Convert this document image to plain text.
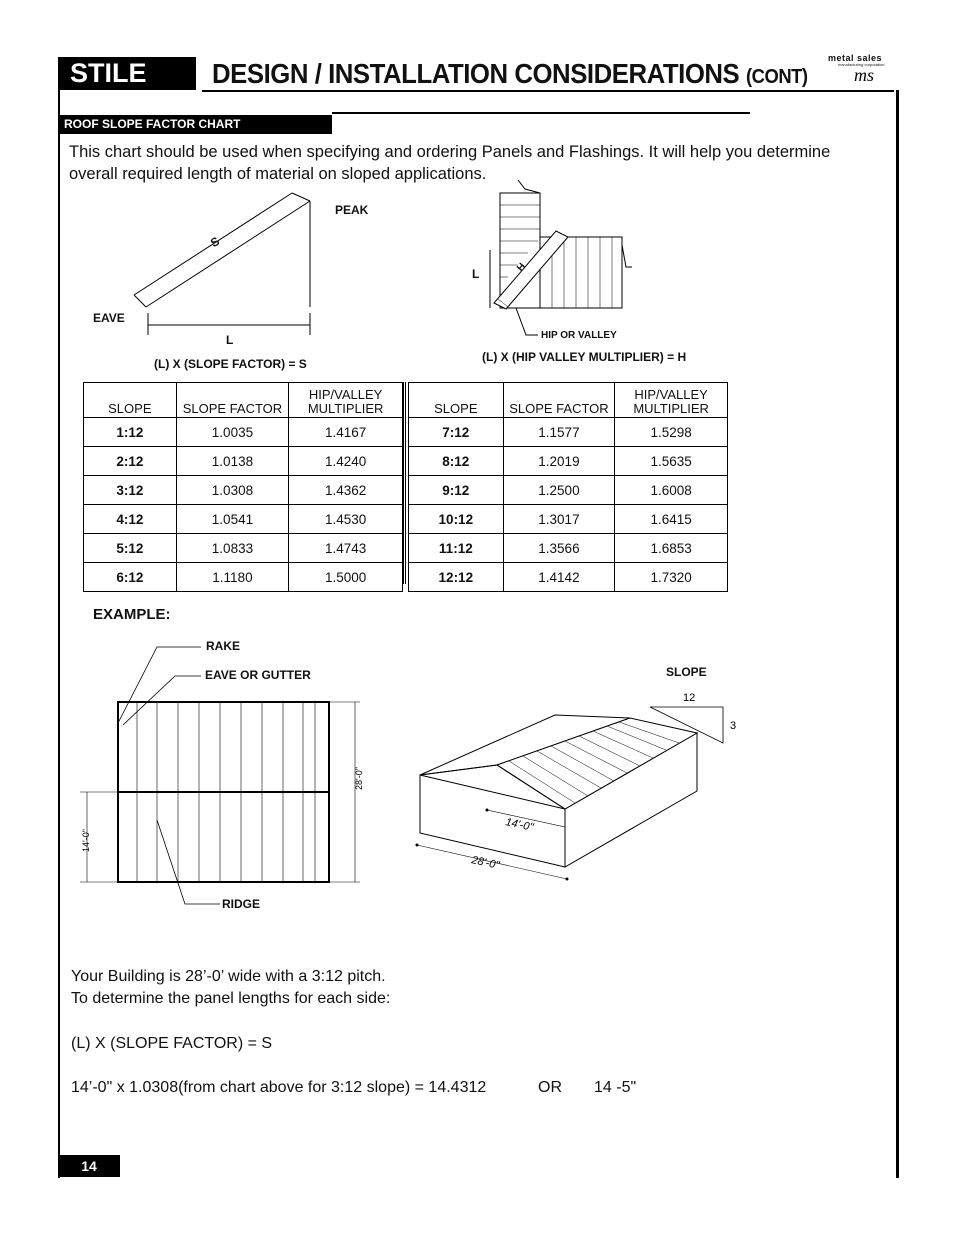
STILE	DESIGN / INSTALLATION CONSIDERATIONS (CONT)
metal sales
manufacturing corporation
ms
ROOF SLOPE FACTOR CHART
This chart should be used when specifying and ordering Panels and Flashings. It will help you determine overall required length of material on sloped applications.
PEAK
S
EAVE
L
(L) X (SLOPE FACTOR) = S
L	H
HIP OR VALLEY
(L) X (HIP VALLEY MULTIPLIER) = H
SLOPE	SLOPE FACTOR	HIP/VALLEY MULTIPLIER
1:12	1.0035	1.4167
2:12	1.0138	1.4240
3:12	1.0308	1.4362
4:12	1.0541	1.4530
5:12	1.0833	1.4743
6:12	1.1180	1.5000
SLOPE	SLOPE FACTOR	HIP/VALLEY MULTIPLIER
7:12	1.1577	1.5298
8:12	1.2019	1.5635
9:12	1.2500	1.6008
10:12	1.3017	1.6415
11:12	1.3566	1.6853
12:12	1.4142	1.7320
EXAMPLE:
RAKE
EAVE OR GUTTER
RIDGE
28'-0"
14'-0"
SLOPE
12
3
14'-0"
28'-0"
Your Building is 28’-0’ wide with a 3:12 pitch.
To determine the panel lengths for each side:
(L) X (SLOPE FACTOR) = S
14’-0" x 1.0308(from chart above for 3:12 slope) = 14.4312	OR 14 -5"
14
